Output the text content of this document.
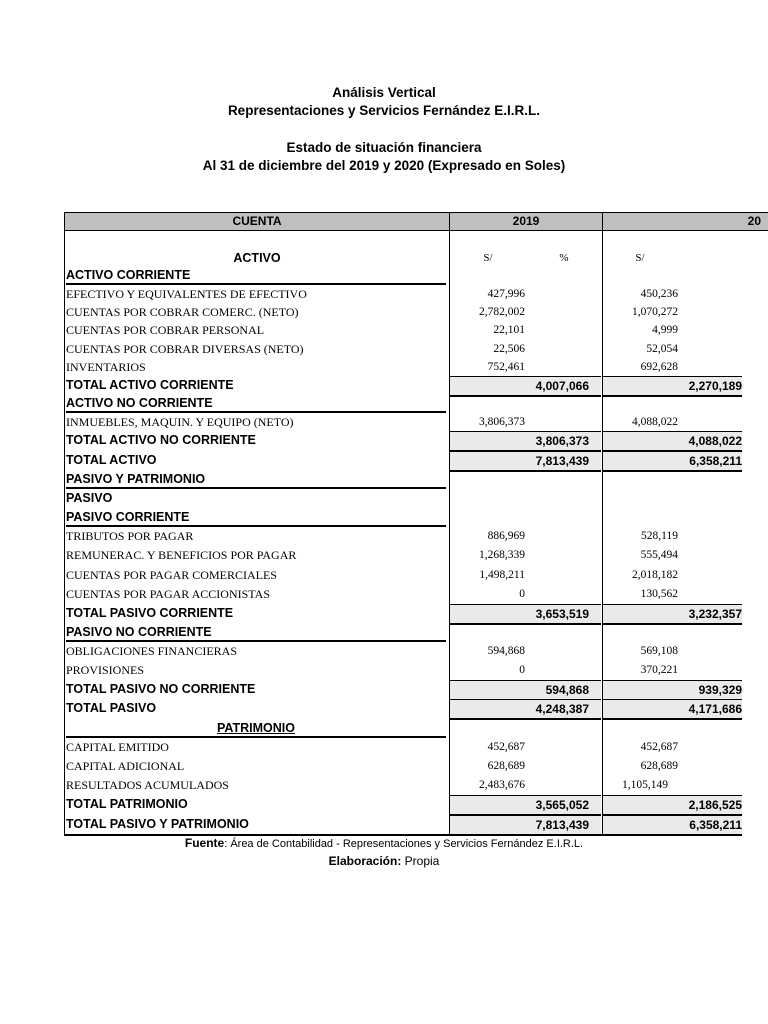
Análisis Vertical
Representaciones y Servicios Fernández E.I.R.L.
Estado de situación financiera
Al 31 de diciembre del 2019 y 2020 (Expresado en Soles)
CUENTA	2019	20
ACTIVO	S/	%	S/
ACTIVO CORRIENTE
EFECTIVO Y EQUIVALENTES DE EFECTIVO	427,996	450,236
CUENTAS POR COBRAR COMERC. (NETO)	2,782,002	1,070,272
CUENTAS POR COBRAR PERSONAL	22,101	4,999
CUENTAS POR COBRAR DIVERSAS (NETO)	22,506	52,054
INVENTARIOS	752,461	692,628
TOTAL ACTIVO CORRIENTE	4,007,066	2,270,189
ACTIVO NO CORRIENTE
INMUEBLES, MAQUIN. Y EQUIPO (NETO)	3,806,373	4,088,022
TOTAL ACTIVO NO CORRIENTE	3,806,373	4,088,022
TOTAL ACTIVO	7,813,439	6,358,211
PASIVO Y PATRIMONIO
PASIVO
PASIVO CORRIENTE
TRIBUTOS POR PAGAR	886,969	528,119
REMUNERAC. Y BENEFICIOS POR PAGAR	1,268,339	555,494
CUENTAS POR PAGAR COMERCIALES	1,498,211	2,018,182
CUENTAS POR PAGAR ACCIONISTAS	0	130,562
TOTAL PASIVO CORRIENTE	3,653,519	3,232,357
PASIVO NO CORRIENTE
OBLIGACIONES FINANCIERAS	594,868	569,108
PROVISIONES	0	370,221
TOTAL PASIVO NO CORRIENTE	594,868	939,329
TOTAL PASIVO	4,248,387	4,171,686
PATRIMONIO
CAPITAL EMITIDO	452,687	452,687
CAPITAL ADICIONAL	628,689	628,689
RESULTADOS ACUMULADOS	2,483,676	1,105,149
TOTAL PATRIMONIO	3,565,052	2,186,525
TOTAL PASIVO Y PATRIMONIO	7,813,439	6,358,211
Fuente: Área de Contabilidad - Representaciones y Servicios Fernández E.I.R.L.
Elaboración: Propia
